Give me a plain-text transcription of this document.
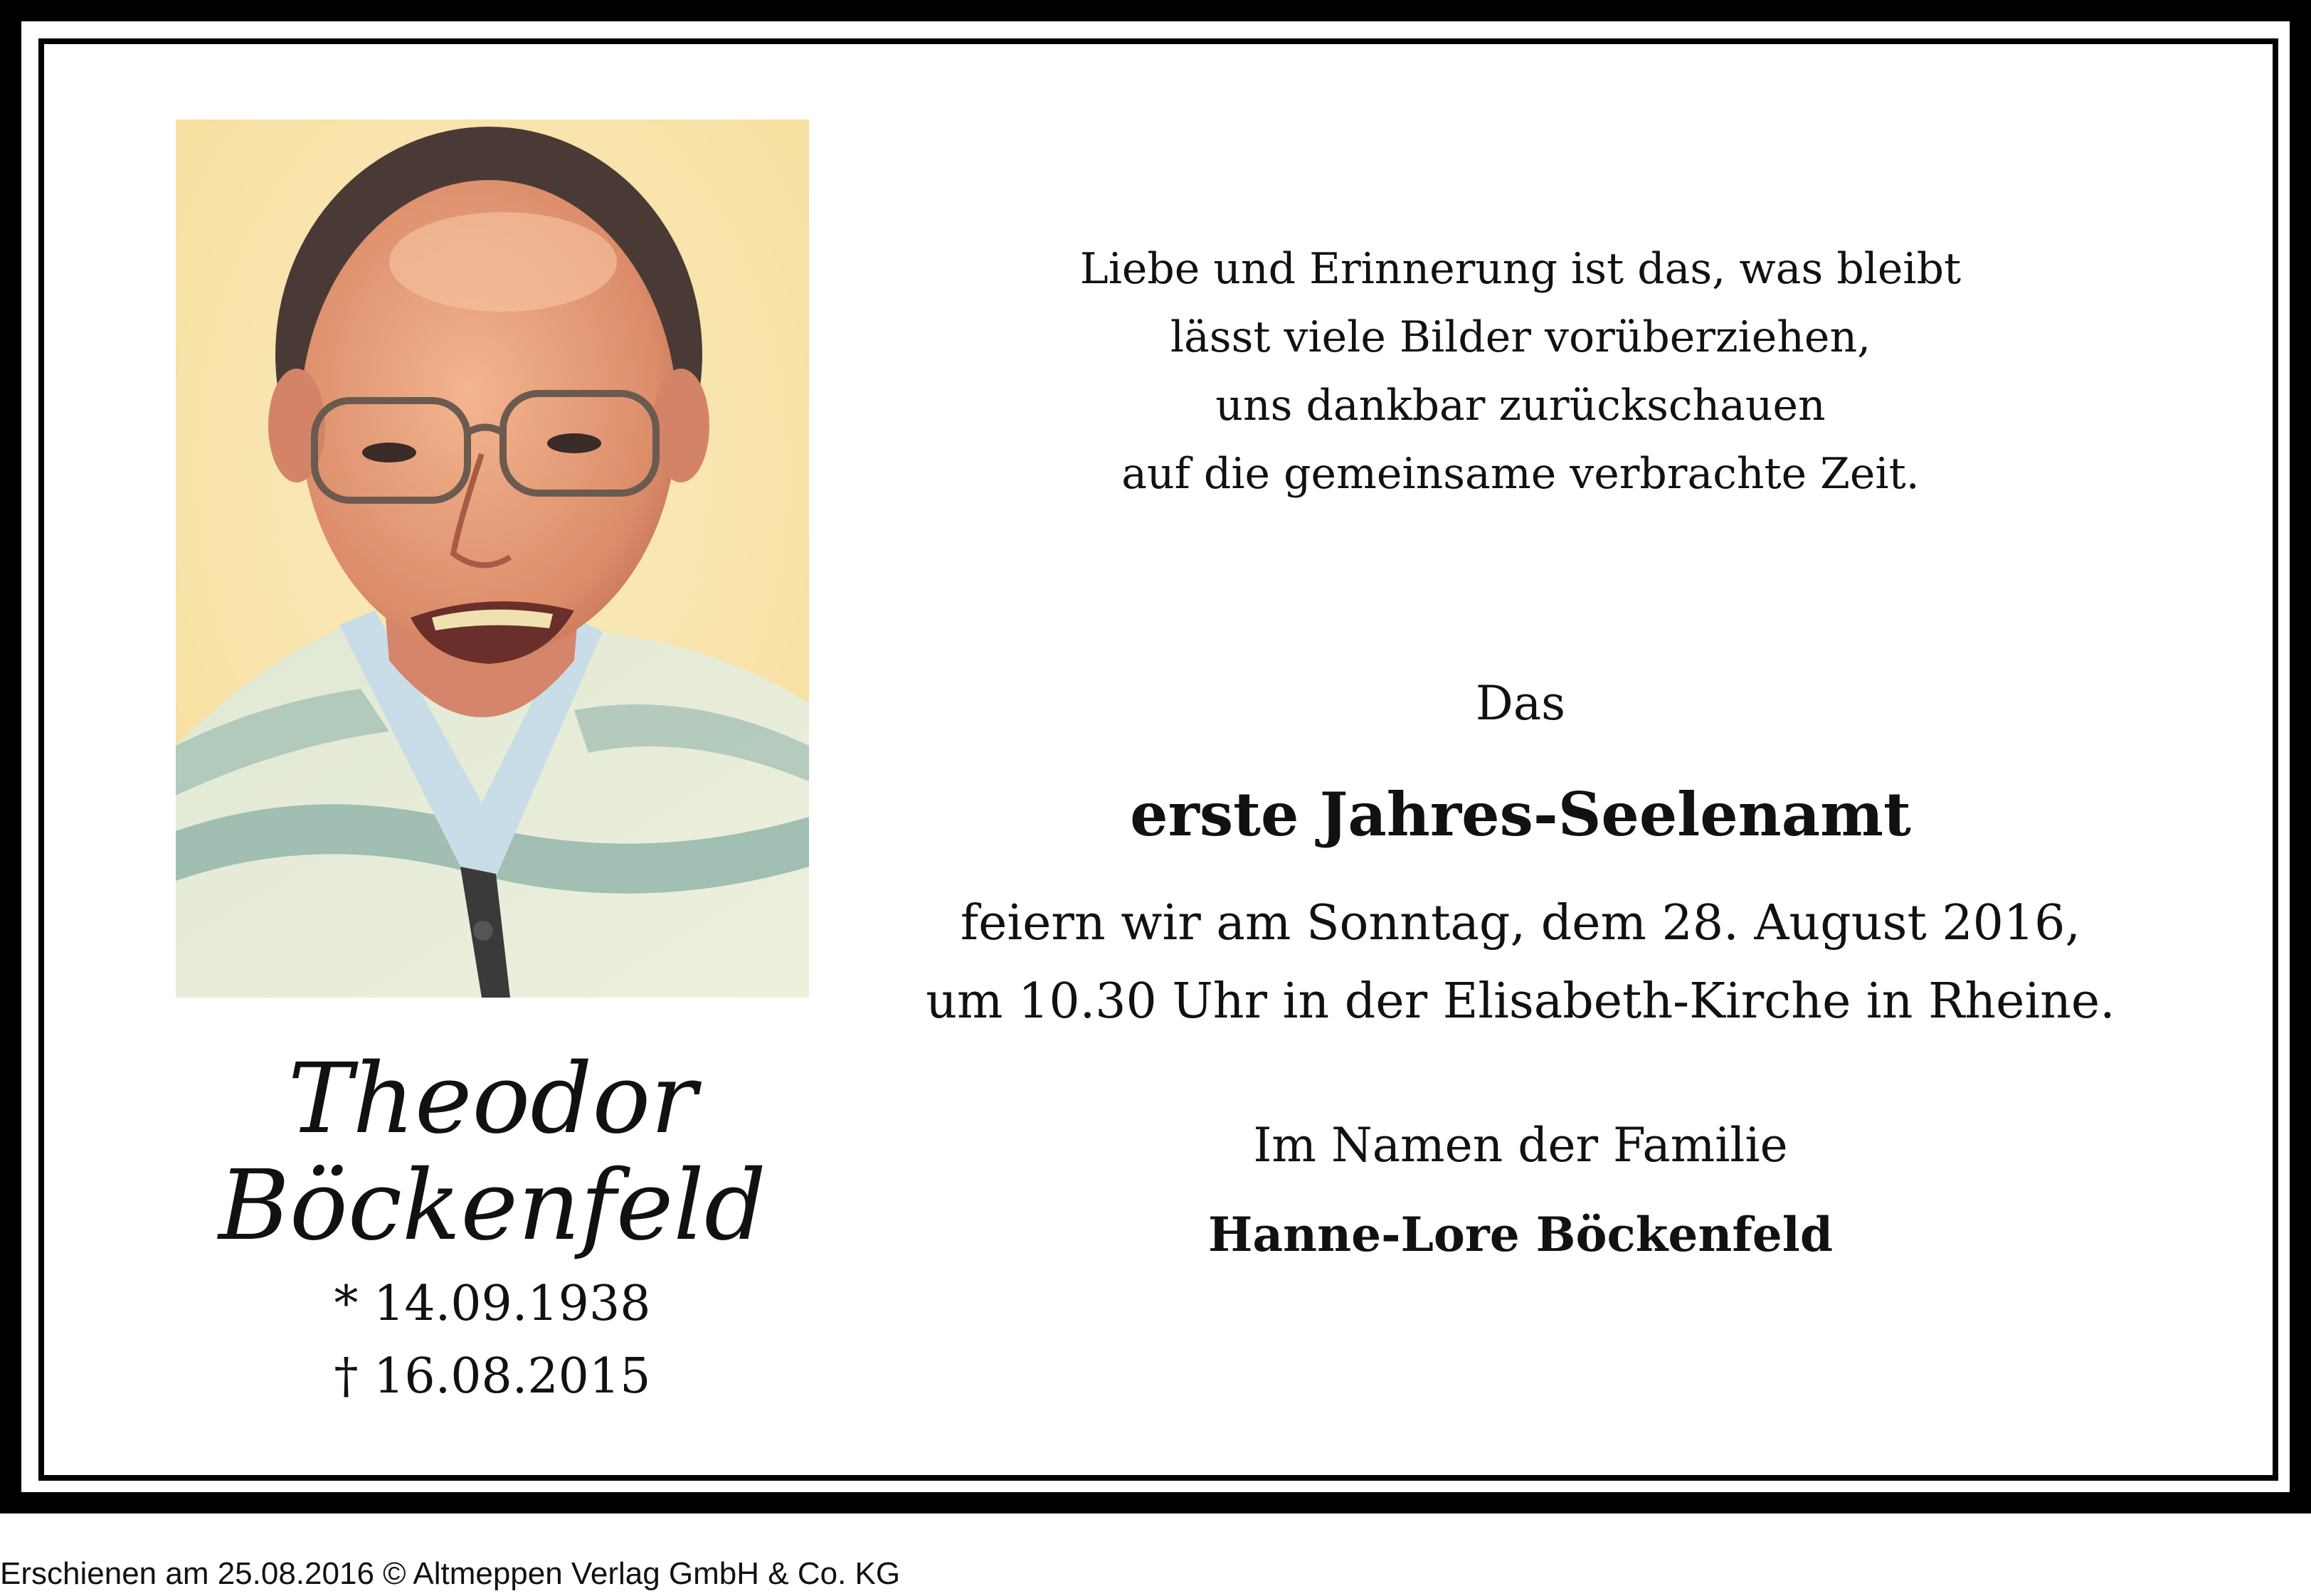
Theodor
Böckenfeld
* 14.09.1938
† 16.08.2015
Liebe und Erinnerung ist das, was bleibt
lässt viele Bilder vorüberziehen,
uns dankbar zurückschauen
auf die gemeinsame verbrachte Zeit.
Das
erste Jahres-Seelenamt
feiern wir am Sonntag, dem 28. August 2016,
um 10.30 Uhr in der Elisabeth-Kirche in Rheine.
Im Namen der Familie
Hanne-Lore Böckenfeld
Erschienen am 25.08.2016 © Altmeppen Verlag GmbH & Co. KG
